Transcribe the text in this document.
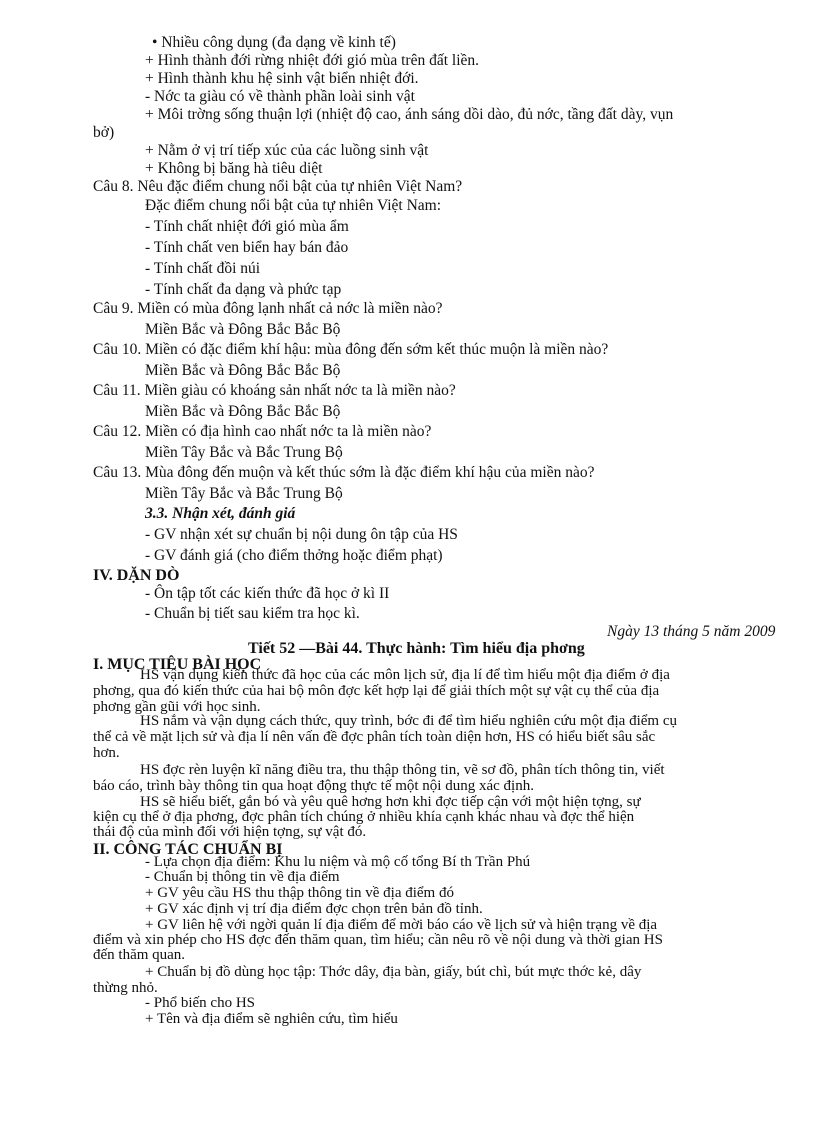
• Nhiều công dụng (đa dạng về kinh tế)
+ Hình thành đới rừng nhiệt đới gió mùa trên đất liền.
+ Hình thành khu hệ sinh vật biển nhiệt đới.
- Nớc ta giàu có về thành phần loài sinh vật
+ Môi trờng sống thuận lợi (nhiệt độ cao, ánh sáng dồi dào, đủ nớc, tầng đất dày, vụn
bở)
+ Nằm ở vị trí tiếp xúc của các luồng sinh vật
+ Không bị băng hà tiêu diệt
Câu 8. Nêu đặc điểm chung nổi bật của tự nhiên Việt Nam?
Đặc điểm chung nổi bật của tự nhiên Việt Nam:
- Tính chất nhiệt đới gió mùa ẩm
- Tính chất ven biển hay bán đảo
- Tính chất đồi núi
- Tính chất đa dạng và phức tạp
Câu 9. Miền có mùa đông lạnh nhất cả nớc là miền nào?
Miền Bắc và Đông Bắc Bắc Bộ
Câu 10. Miền có đặc điểm khí hậu: mùa đông đến sớm kết thúc muộn là miền nào?
Miền Bắc và Đông Bắc Bắc Bộ
Câu 11. Miền giàu có khoáng sản nhất nớc ta là miền nào?
Miền Bắc và Đông Bắc Bắc Bộ
Câu 12. Miền có địa hình cao nhất nớc ta là miền nào?
Miền Tây Bắc và Bắc Trung Bộ
Câu 13. Mùa đông đến muộn và kết thúc sớm là đặc điểm khí hậu của miền nào?
Miền Tây Bắc và Bắc Trung Bộ
3.3. Nhận xét, đánh giá
- GV nhận xét sự chuẩn bị nội dung ôn tập của HS
- GV đánh giá (cho điểm thởng hoặc điểm phạt)
IV. DẶN DÒ
- Ôn tập tốt các kiến thức đã học ở kì II
- Chuẩn bị tiết sau kiểm tra học kì.
Ngày 13 tháng 5 năm 2009
Tiết 52 —Bài 44. Thực hành: Tìm hiểu địa phơng
I. MỤC TIÊU BÀI HỌC
HS vận dụng kiến thức đã học của các môn lịch sử, địa lí để tìm hiểu một địa điểm ở địa
phơng, qua đó kiến thức của hai bộ môn đợc kết hợp lại để giải thích một sự vật cụ thể của địa
phơng gần gũi với học sinh.
HS nắm và vận dụng cách thức, quy trình, bớc đi để tìm hiểu nghiên cứu một địa điểm cụ
thể cả về mặt lịch sử và địa lí nên vấn đề đợc phân tích toàn diện hơn, HS có hiểu biết sâu sắc
hơn.
HS đợc rèn luyện kĩ năng điều tra, thu thập thông tin, vẽ sơ đồ, phân tích thông tin, viết
báo cáo, trình bày thông tin qua hoạt động thực tế một nội dung xác định.
HS sẽ hiểu biết, gắn bó và yêu quê hơng hơn khi đợc tiếp cận với một hiện tợng, sự
kiện cụ thể ở địa phơng, đợc phân tích chúng ở nhiều khía cạnh khác nhau và đợc thể hiện
thái độ của mình đối với hiện tợng, sự vật đó.
II. CÔNG TÁC CHUẨN BỊ
- Lựa chọn địa điểm: Khu lu niệm và mộ cố tổng Bí th Trần Phú
- Chuẩn bị thông tin về địa điểm
+ GV yêu cầu HS thu thập thông tin về địa điểm đó
+ GV xác định vị trí địa điểm đợc chọn trên bản đồ tỉnh.
+ GV liên hệ với ngời quản lí địa điểm để mời báo cáo về lịch sử và hiện trạng về địa
điểm và xin phép cho HS đợc đến thăm quan, tìm hiểu; cần nêu rõ về nội dung và thời gian HS
đến thăm quan.
+ Chuẩn bị đồ dùng học tập: Thớc dây, địa bàn, giấy, bút chì, bút mực thớc kẻ, dây
thừng nhỏ.
- Phổ biến cho HS
+ Tên và địa điểm sẽ nghiên cứu, tìm hiểu
